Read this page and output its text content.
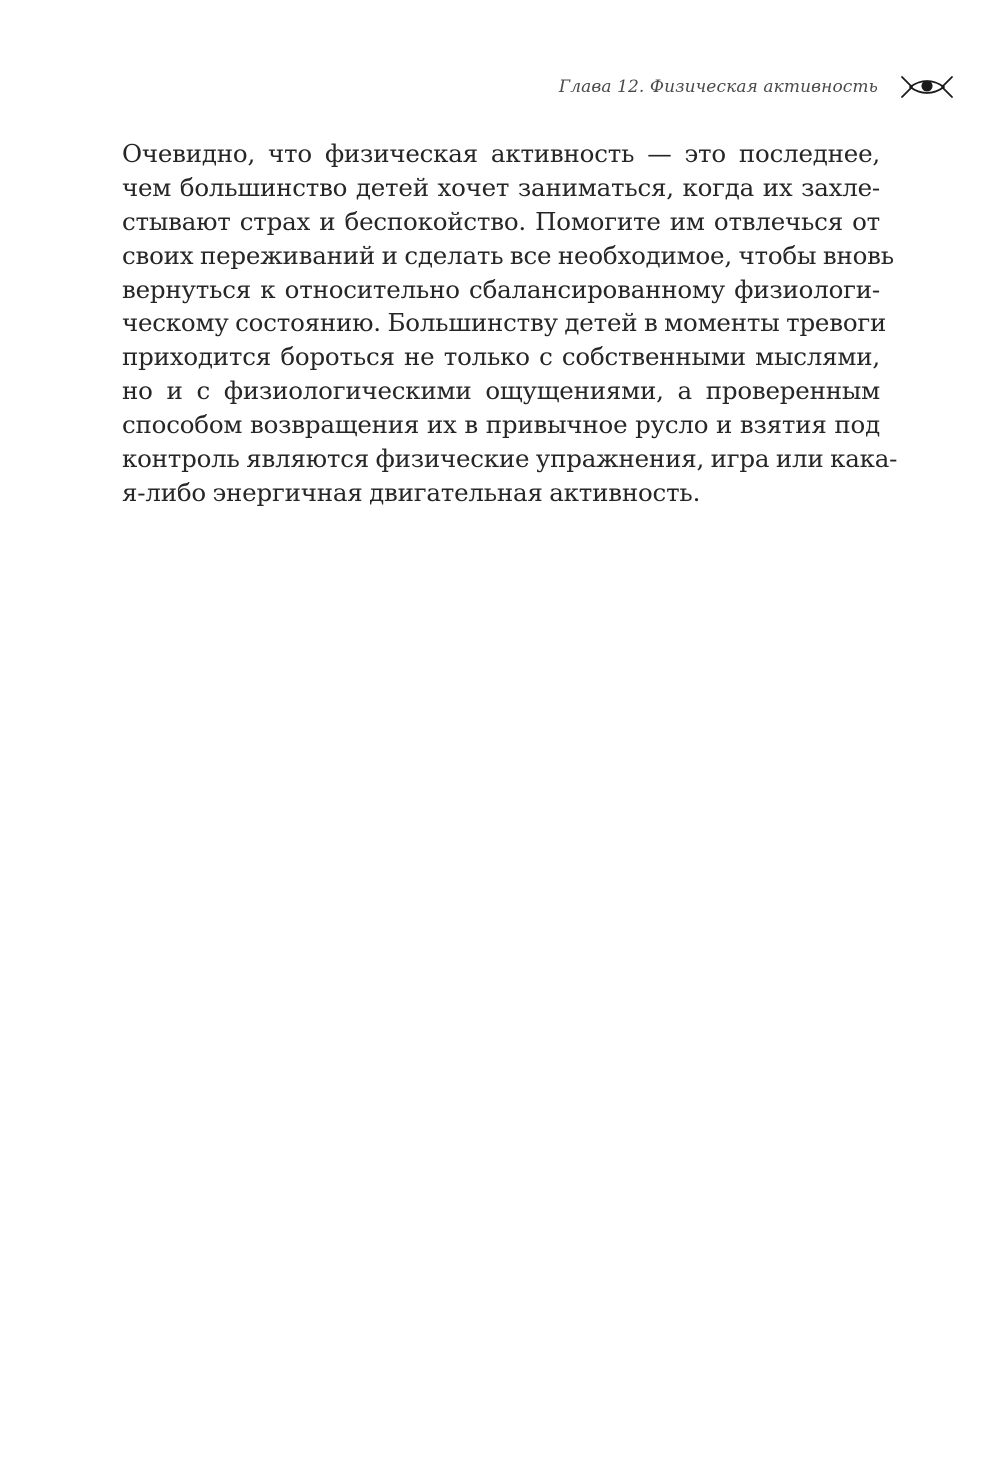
Глава 12. Физическая активность
Очевидно, что физическая активность — это последнее,
чем большинство детей хочет заниматься, когда их захле-
стывают страх и беспокойство. Помогите им отвлечься от
своих переживаний и сделать все необходимое, чтобы вновь
вернуться к относительно сбалансированному физиологи-
ческому состоянию. Большинству детей в моменты тревоги
приходится бороться не только с собственными мыслями,
но и с физиологическими ощущениями, а проверенным
способом возвращения их в привычное русло и взятия под
контроль являются физические упражнения, игра или кака-
я-либо энергичная двигательная активность.
